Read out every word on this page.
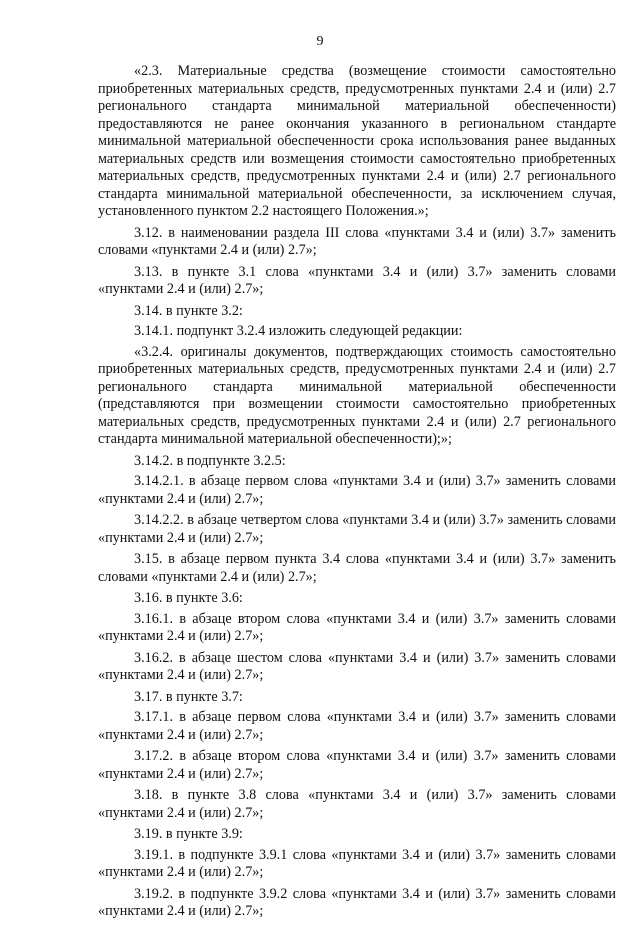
9

«2.3. Материальные средства (возмещение стоимости самостоятельно приобретенных материальных средств, предусмотренных пунктами 2.4 и (или) 2.7 регионального стандарта минимальной материальной обеспеченности) предоставляются не ранее окончания указанного в региональном стандарте минимальной материальной обеспеченности срока использования ранее выданных материальных средств или возмещения стоимости самостоятельно приобретенных материальных средств, предусмотренных пунктами 2.4 и (или) 2.7 регионального стандарта минимальной материальной обеспеченности, за исключением случая, установленного пунктом 2.2 настоящего Положения.»;

3.12. в наименовании раздела III слова «пунктами 3.4 и (или) 3.7» заменить словами «пунктами 2.4 и (или) 2.7»;

3.13. в пункте 3.1 слова «пунктами 3.4 и (или) 3.7» заменить словами «пунктами 2.4 и (или) 2.7»;

3.14. в пункте 3.2:

3.14.1. подпункт 3.2.4 изложить следующей редакции:

«3.2.4. оригиналы документов, подтверждающих стоимость самостоятельно приобретенных материальных средств, предусмотренных пунктами 2.4 и (или) 2.7 регионального стандарта минимальной материальной обеспеченности (представляются при возмещении стоимости самостоятельно приобретенных материальных средств, предусмотренных пунктами 2.4 и (или) 2.7 регионального стандарта минимальной материальной обеспеченности);»;

3.14.2. в подпункте 3.2.5:

3.14.2.1. в абзаце первом слова «пунктами 3.4 и (или) 3.7» заменить словами «пунктами 2.4 и (или) 2.7»;

3.14.2.2. в абзаце четвертом слова «пунктами 3.4 и (или) 3.7» заменить словами «пунктами 2.4 и (или) 2.7»;

3.15. в абзаце первом пункта 3.4 слова «пунктами 3.4 и (или) 3.7» заменить словами «пунктами 2.4 и (или) 2.7»;

3.16. в пункте 3.6:

3.16.1. в абзаце втором слова «пунктами 3.4 и (или) 3.7» заменить словами «пунктами 2.4 и (или) 2.7»;

3.16.2. в абзаце шестом слова «пунктами 3.4 и (или) 3.7» заменить словами «пунктами 2.4 и (или) 2.7»;

3.17. в пункте 3.7:

3.17.1. в абзаце первом слова «пунктами 3.4 и (или) 3.7» заменить словами «пунктами 2.4 и (или) 2.7»;

3.17.2. в абзаце втором слова «пунктами 3.4 и (или) 3.7» заменить словами «пунктами 2.4 и (или) 2.7»;

3.18. в пункте 3.8 слова «пунктами 3.4 и (или) 3.7» заменить словами «пунктами 2.4 и (или) 2.7»;

3.19. в пункте 3.9:

3.19.1. в подпункте 3.9.1 слова «пунктами 3.4 и (или) 3.7» заменить словами «пунктами 2.4 и (или) 2.7»;

3.19.2. в подпункте 3.9.2 слова «пунктами 3.4 и (или) 3.7» заменить словами «пунктами 2.4 и (или) 2.7»;
